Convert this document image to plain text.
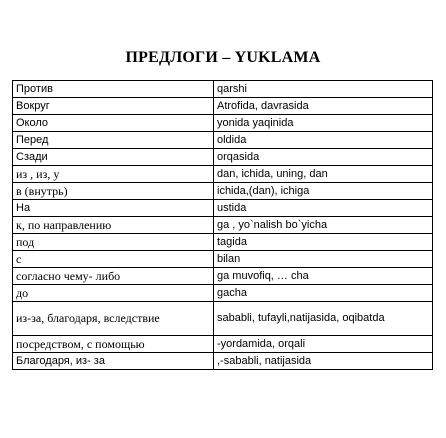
ПРЕДЛОГИ – YUKLAMA
Против	qarshi
Вокруг	Atrofida, davrasida
Около	yonida yaqinida
Перед	oldida
Сзади	orqasida
из , из, у	dan, ichida, uning, dan
в (внутрь)	ichida,(dan), ichiga
На	ustida
к, по направлению	ga , yo`nalish bo`yicha
под	tagida
с	bilan
согласно чему- либо	ga muvofiq, … cha
до	gacha
из-за, благодаря, вследствие	sababli, tufayli,natijasida, oqibatda
посредством, с помощью	-yordamida, orqali
Благодаря, из- за	,-sababli, natijasida
